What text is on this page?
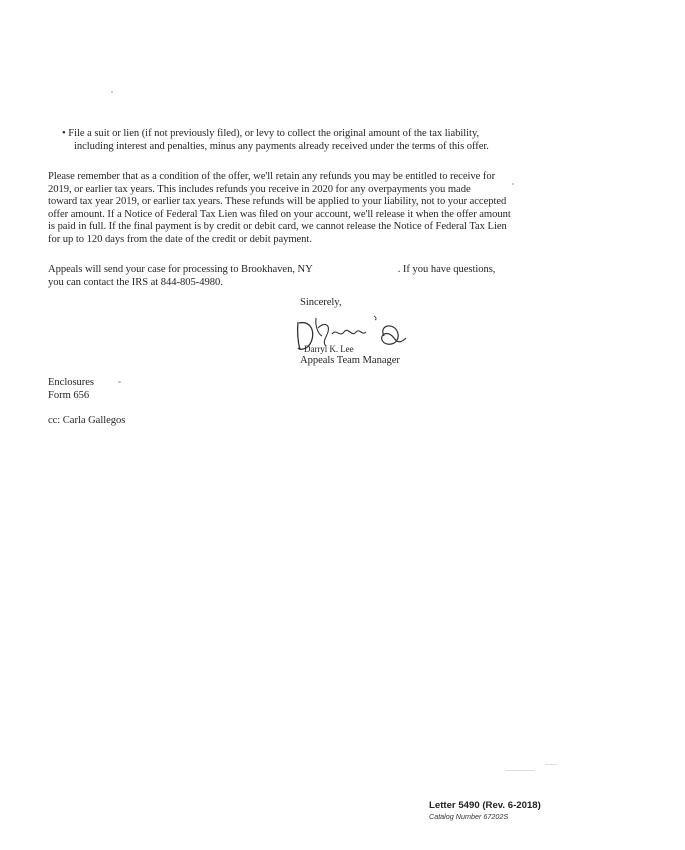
• File a suit or lien (if not previously filed), or levy to collect the original amount of the tax liability,
including interest and penalties, minus any payments already received under the terms of this offer.
Please remember that as a condition of the offer, we'll retain any refunds you may be entitled to receive for
2019, or earlier tax years. This includes refunds you receive in 2020 for any overpayments you made
toward tax year 2019, or earlier tax years. These refunds will be applied to your liability, not to your accepted
offer amount. If a Notice of Federal Tax Lien was filed on your account, we'll release it when the offer amount
is paid in full. If the final payment is by credit or debit card, we cannot release the Notice of Federal Tax Lien
for up to 120 days from the date of the credit or debit payment.
Appeals will send your case for processing to Brookhaven, NY	. If you have questions,
you can contact the IRS at 844-805-4980.
Sincerely,
Darryl K. Lee
Appeals Team Manager
Enclosures
Form 656
cc: Carla Gallegos
Letter 5490 (Rev. 6-2018)
Catalog Number 67202S
